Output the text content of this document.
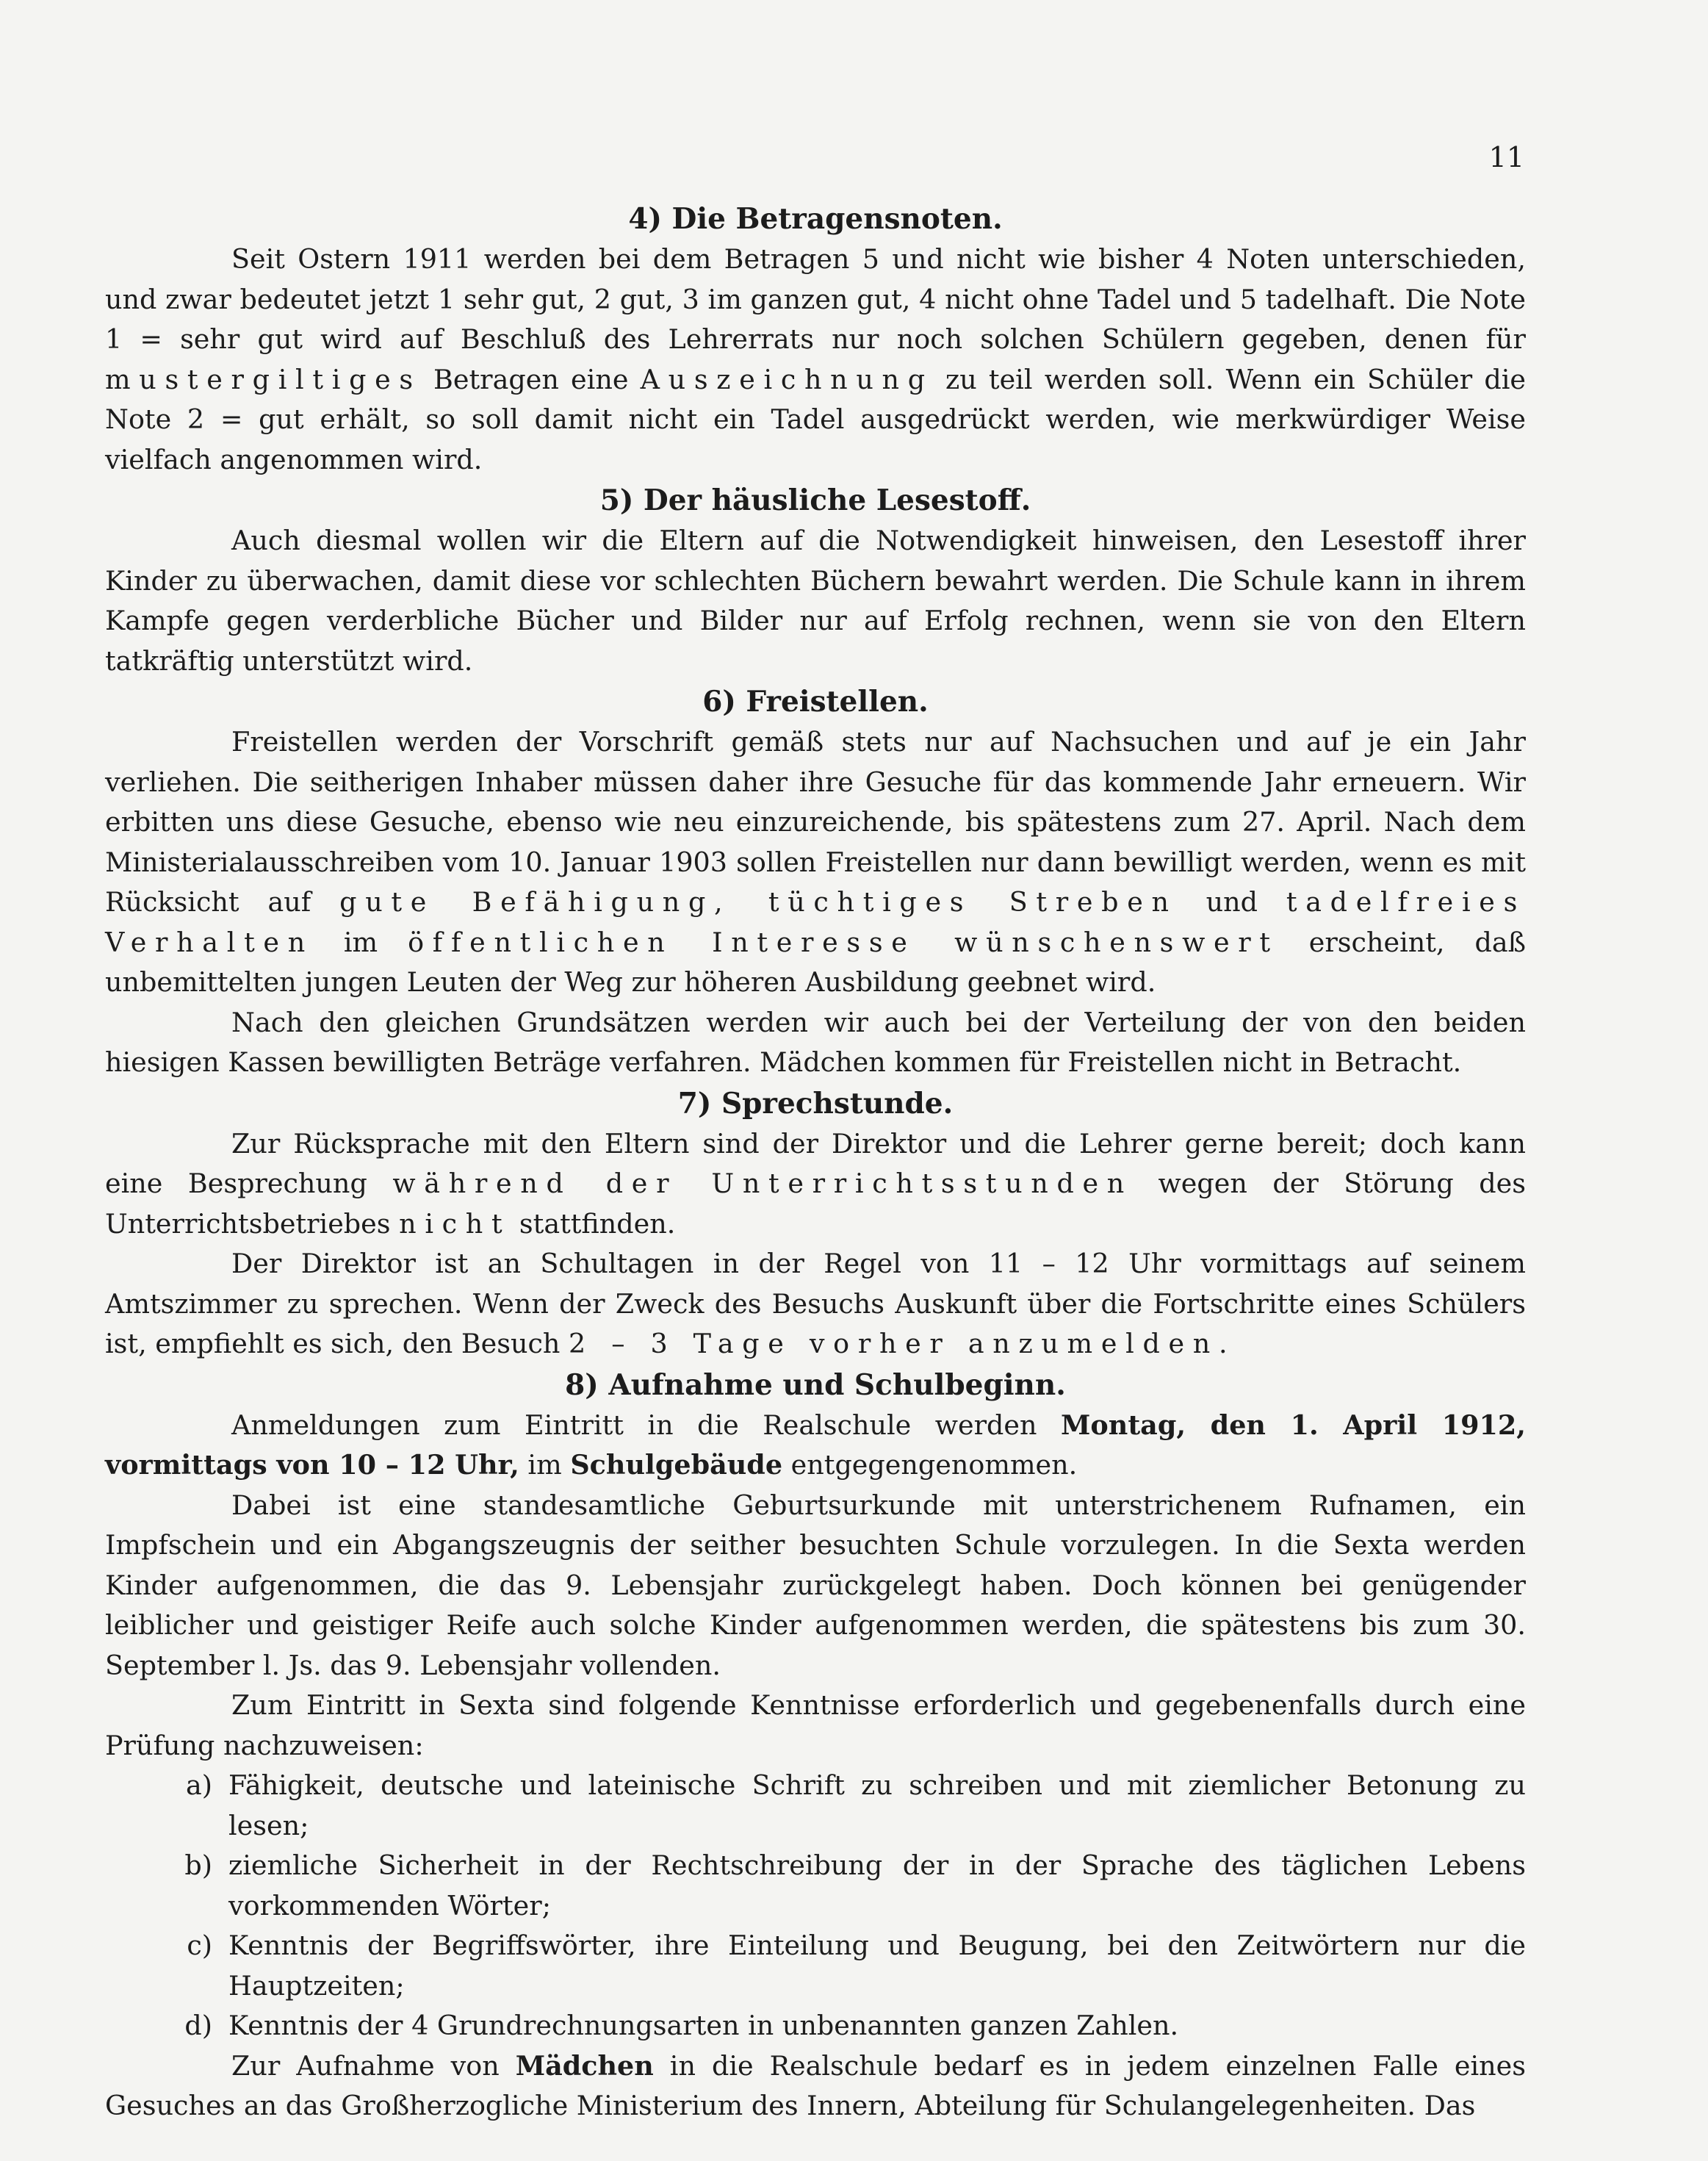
11

4) Die Betragensnoten.

Seit Ostern 1911 werden bei dem Betragen 5 und nicht wie bisher 4 Noten unterschieden, und zwar bedeutet jetzt 1 sehr gut, 2 gut, 3 im ganzen gut, 4 nicht ohne Tadel und 5 tadelhaft. Die Note 1 = sehr gut wird auf Beschluß des Lehrerrats nur noch solchen Schülern gegeben, denen für mustergiltiges Betragen eine Auszeichnung zu teil werden soll. Wenn ein Schüler die Note 2 = gut erhält, so soll damit nicht ein Tadel ausgedrückt werden, wie merkwürdiger Weise vielfach angenommen wird.

5) Der häusliche Lesestoff.

Auch diesmal wollen wir die Eltern auf die Notwendigkeit hinweisen, den Lesestoff ihrer Kinder zu überwachen, damit diese vor schlechten Büchern bewahrt werden. Die Schule kann in ihrem Kampfe gegen verderbliche Bücher und Bilder nur auf Erfolg rechnen, wenn sie von den Eltern tatkräftig unterstützt wird.

6) Freistellen.

Freistellen werden der Vorschrift gemäß stets nur auf Nachsuchen und auf je ein Jahr verliehen. Die seitherigen Inhaber müssen daher ihre Gesuche für das kommende Jahr erneuern. Wir erbitten uns diese Gesuche, ebenso wie neu einzureichende, bis spätestens zum 27. April. Nach dem Ministerialausschreiben vom 10. Januar 1903 sollen Freistellen nur dann bewilligt werden, wenn es mit Rücksicht auf gute Befähigung, tüchtiges Streben und tadelfreies Verhalten im öffentlichen Interesse wünschenswert erscheint, daß unbemittelten jungen Leuten der Weg zur höheren Ausbildung geebnet wird.

Nach den gleichen Grundsätzen werden wir auch bei der Verteilung der von den beiden hiesigen Kassen bewilligten Beträge verfahren. Mädchen kommen für Freistellen nicht in Betracht.

7) Sprechstunde.

Zur Rücksprache mit den Eltern sind der Direktor und die Lehrer gerne bereit; doch kann eine Besprechung während der Unterrichtsstunden wegen der Störung des Unterrichtsbetriebes nicht stattfinden.

Der Direktor ist an Schultagen in der Regel von 11 – 12 Uhr vormittags auf seinem Amtszimmer zu sprechen. Wenn der Zweck des Besuchs Auskunft über die Fortschritte eines Schülers ist, empfiehlt es sich, den Besuch 2 – 3 Tage vorher anzumelden.

8) Aufnahme und Schulbeginn.

Anmeldungen zum Eintritt in die Realschule werden Montag, den 1. April 1912, vormittags von 10 – 12 Uhr, im Schulgebäude entgegengenommen.

Dabei ist eine standesamtliche Geburtsurkunde mit unterstrichenem Rufnamen, ein Impfschein und ein Abgangszeugnis der seither besuchten Schule vorzulegen. In die Sexta werden Kinder aufgenommen, die das 9. Lebensjahr zurückgelegt haben. Doch können bei genügender leiblicher und geistiger Reife auch solche Kinder aufgenommen werden, die spätestens bis zum 30. September l. Js. das 9. Lebensjahr vollenden.

Zum Eintritt in Sexta sind folgende Kenntnisse erforderlich und gegebenenfalls durch eine Prüfung nachzuweisen:

a) Fähigkeit, deutsche und lateinische Schrift zu schreiben und mit ziemlicher Betonung zu lesen;
b) ziemliche Sicherheit in der Rechtschreibung der in der Sprache des täglichen Lebens vorkommenden Wörter;
c) Kenntnis der Begriffswörter, ihre Einteilung und Beugung, bei den Zeitwörtern nur die Hauptzeiten;
d) Kenntnis der 4 Grundrechnungsarten in unbenannten ganzen Zahlen.

Zur Aufnahme von Mädchen in die Realschule bedarf es in jedem einzelnen Falle eines Gesuches an das Großherzogliche Ministerium des Innern, Abteilung für Schulangelegenheiten. Das
